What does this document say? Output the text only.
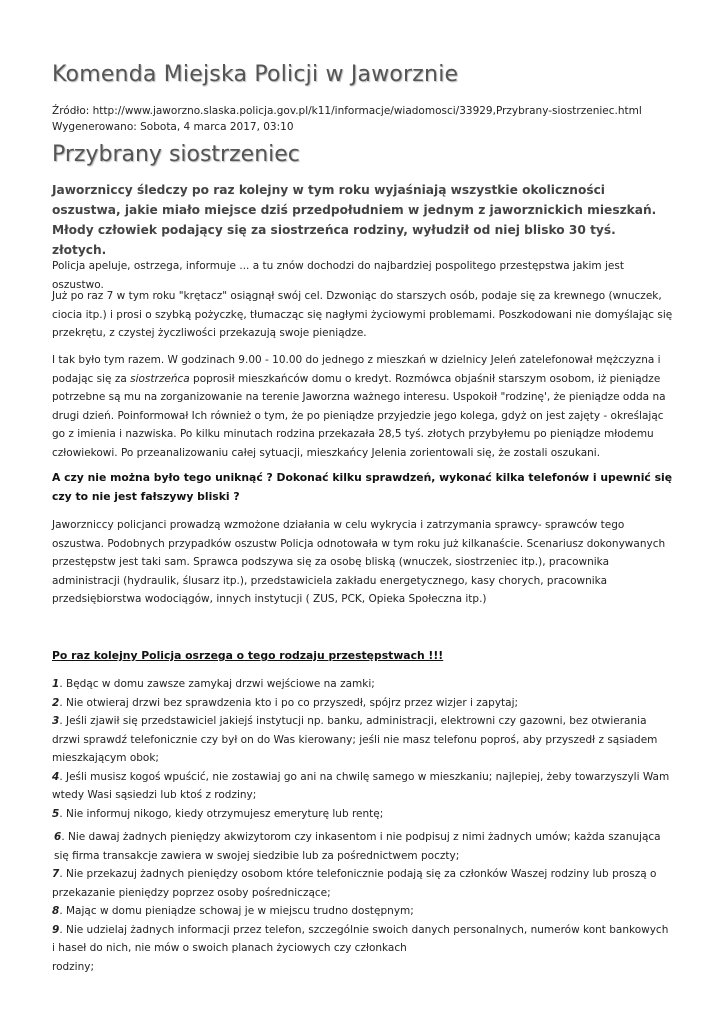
Komenda Miejska Policji w Jaworznie
Źródło: http://www.jaworzno.slaska.policja.gov.pl/k11/informacje/wiadomosci/33929,Przybrany-siostrzeniec.html
Wygenerowano: Sobota, 4 marca 2017, 03:10
Przybrany siostrzeniec

Jaworzniccy śledczy po raz kolejny w tym roku wyjaśniają wszystkie okoliczności oszustwa, jakie miało miejsce dziś przedpołudniem w jednym z jaworznickich mieszkań. Młody człowiek podający się za siostrzeńca rodziny, wyłudził od niej blisko 30 tyś. złotych.

Policja apeluje, ostrzega, informuje ... a tu znów dochodzi do najbardziej pospolitego przestępstwa jakim jest oszustwo.

Już po raz 7 w tym roku "krętacz" osiągnął swój cel. Dzwoniąc do starszych osób, podaje się za krewnego (wnuczek, ciocia itp.) i prosi o szybką pożyczkę, tłumacząc się nagłymi życiowymi problemami. Poszkodowani nie domyślając się przekrętu, z czystej życzliwości przekazują swoje pieniądze.

I tak było tym razem. W godzinach 9.00 - 10.00 do jednego z mieszkań w dzielnicy Jeleń zatelefonował mężczyzna i podając się za siostrzeńca poprosił mieszkańców domu o kredyt. Rozmówca objaśnił starszym osobom, iż pieniądze potrzebne są mu na zorganizowanie na terenie Jaworzna ważnego interesu. Uspokoił "rodzinę', że pieniądze odda na drugi dzień. Poinformował Ich również o tym, że po pieniądze przyjedzie jego kolega, gdyż on jest zajęty - określając go z imienia i nazwiska. Po kilku minutach rodzina przekazała 28,5 tyś. złotych przybyłemu po pieniądze młodemu człowiekowi. Po przeanalizowaniu całej sytuacji, mieszkańcy Jelenia zorientowali się, że zostali oszukani.

A czy nie można było tego uniknąć ? Dokonać kilku sprawdzeń, wykonać kilka telefonów i upewnić się czy to nie jest fałszywy bliski ?

Jaworzniccy policjanci prowadzą wzmożone działania w celu wykrycia i zatrzymania sprawcy- sprawców tego oszustwa. Podobnych przypadków oszustw Policja odnotowała w tym roku już kilkanaście. Scenariusz dokonywanych przestępstw jest taki sam. Sprawca podszywa się za osobę bliską (wnuczek, siostrzeniec itp.), pracownika administracji (hydraulik, ślusarz itp.), przedstawiciela zakładu energetycznego, kasy chorych, pracownika przedsiębiorstwa wodociągów, innych instytucji ( ZUS, PCK, Opieka Społeczna itp.)

Po raz kolejny Policja osrzega o tego rodzaju przestępstwach !!!

1. Będąc w domu zawsze zamykaj drzwi wejściowe na zamki;
2. Nie otwieraj drzwi bez sprawdzenia kto i po co przyszedł, spójrz przez wizjer i zapytaj;
3. Jeśli zjawił się przedstawiciel jakiejś instytucji np. banku, administracji, elektrowni czy gazowni, bez otwierania drzwi sprawdź telefonicznie czy był on do Was kierowany; jeśli nie masz telefonu poproś, aby przyszedł z sąsiadem mieszkającym obok;
4. Jeśli musisz kogoś wpuścić, nie zostawiaj go ani na chwilę samego w mieszkaniu; najlepiej, żeby towarzyszyli Wam wtedy Wasi sąsiedzi lub ktoś z rodziny;
5. Nie informuj nikogo, kiedy otrzymujesz emeryturę lub rentę;
6. Nie dawaj żadnych pieniędzy akwizytorom czy inkasentom i nie podpisuj z nimi żadnych umów; każda szanująca się firma transakcje zawiera w swojej siedzibie lub za pośrednictwem poczty;
7. Nie przekazuj żadnych pieniędzy osobom które telefonicznie podają się za członków Waszej rodziny lub proszą o przekazanie pieniędzy poprzez osoby pośredniczące;
8. Mając w domu pieniądze schowaj je w miejscu trudno dostępnym;
9. Nie udzielaj żadnych informacji przez telefon, szczególnie swoich danych personalnych, numerów kont bankowych i haseł do nich, nie mów o swoich planach życiowych czy członkach
rodziny;
